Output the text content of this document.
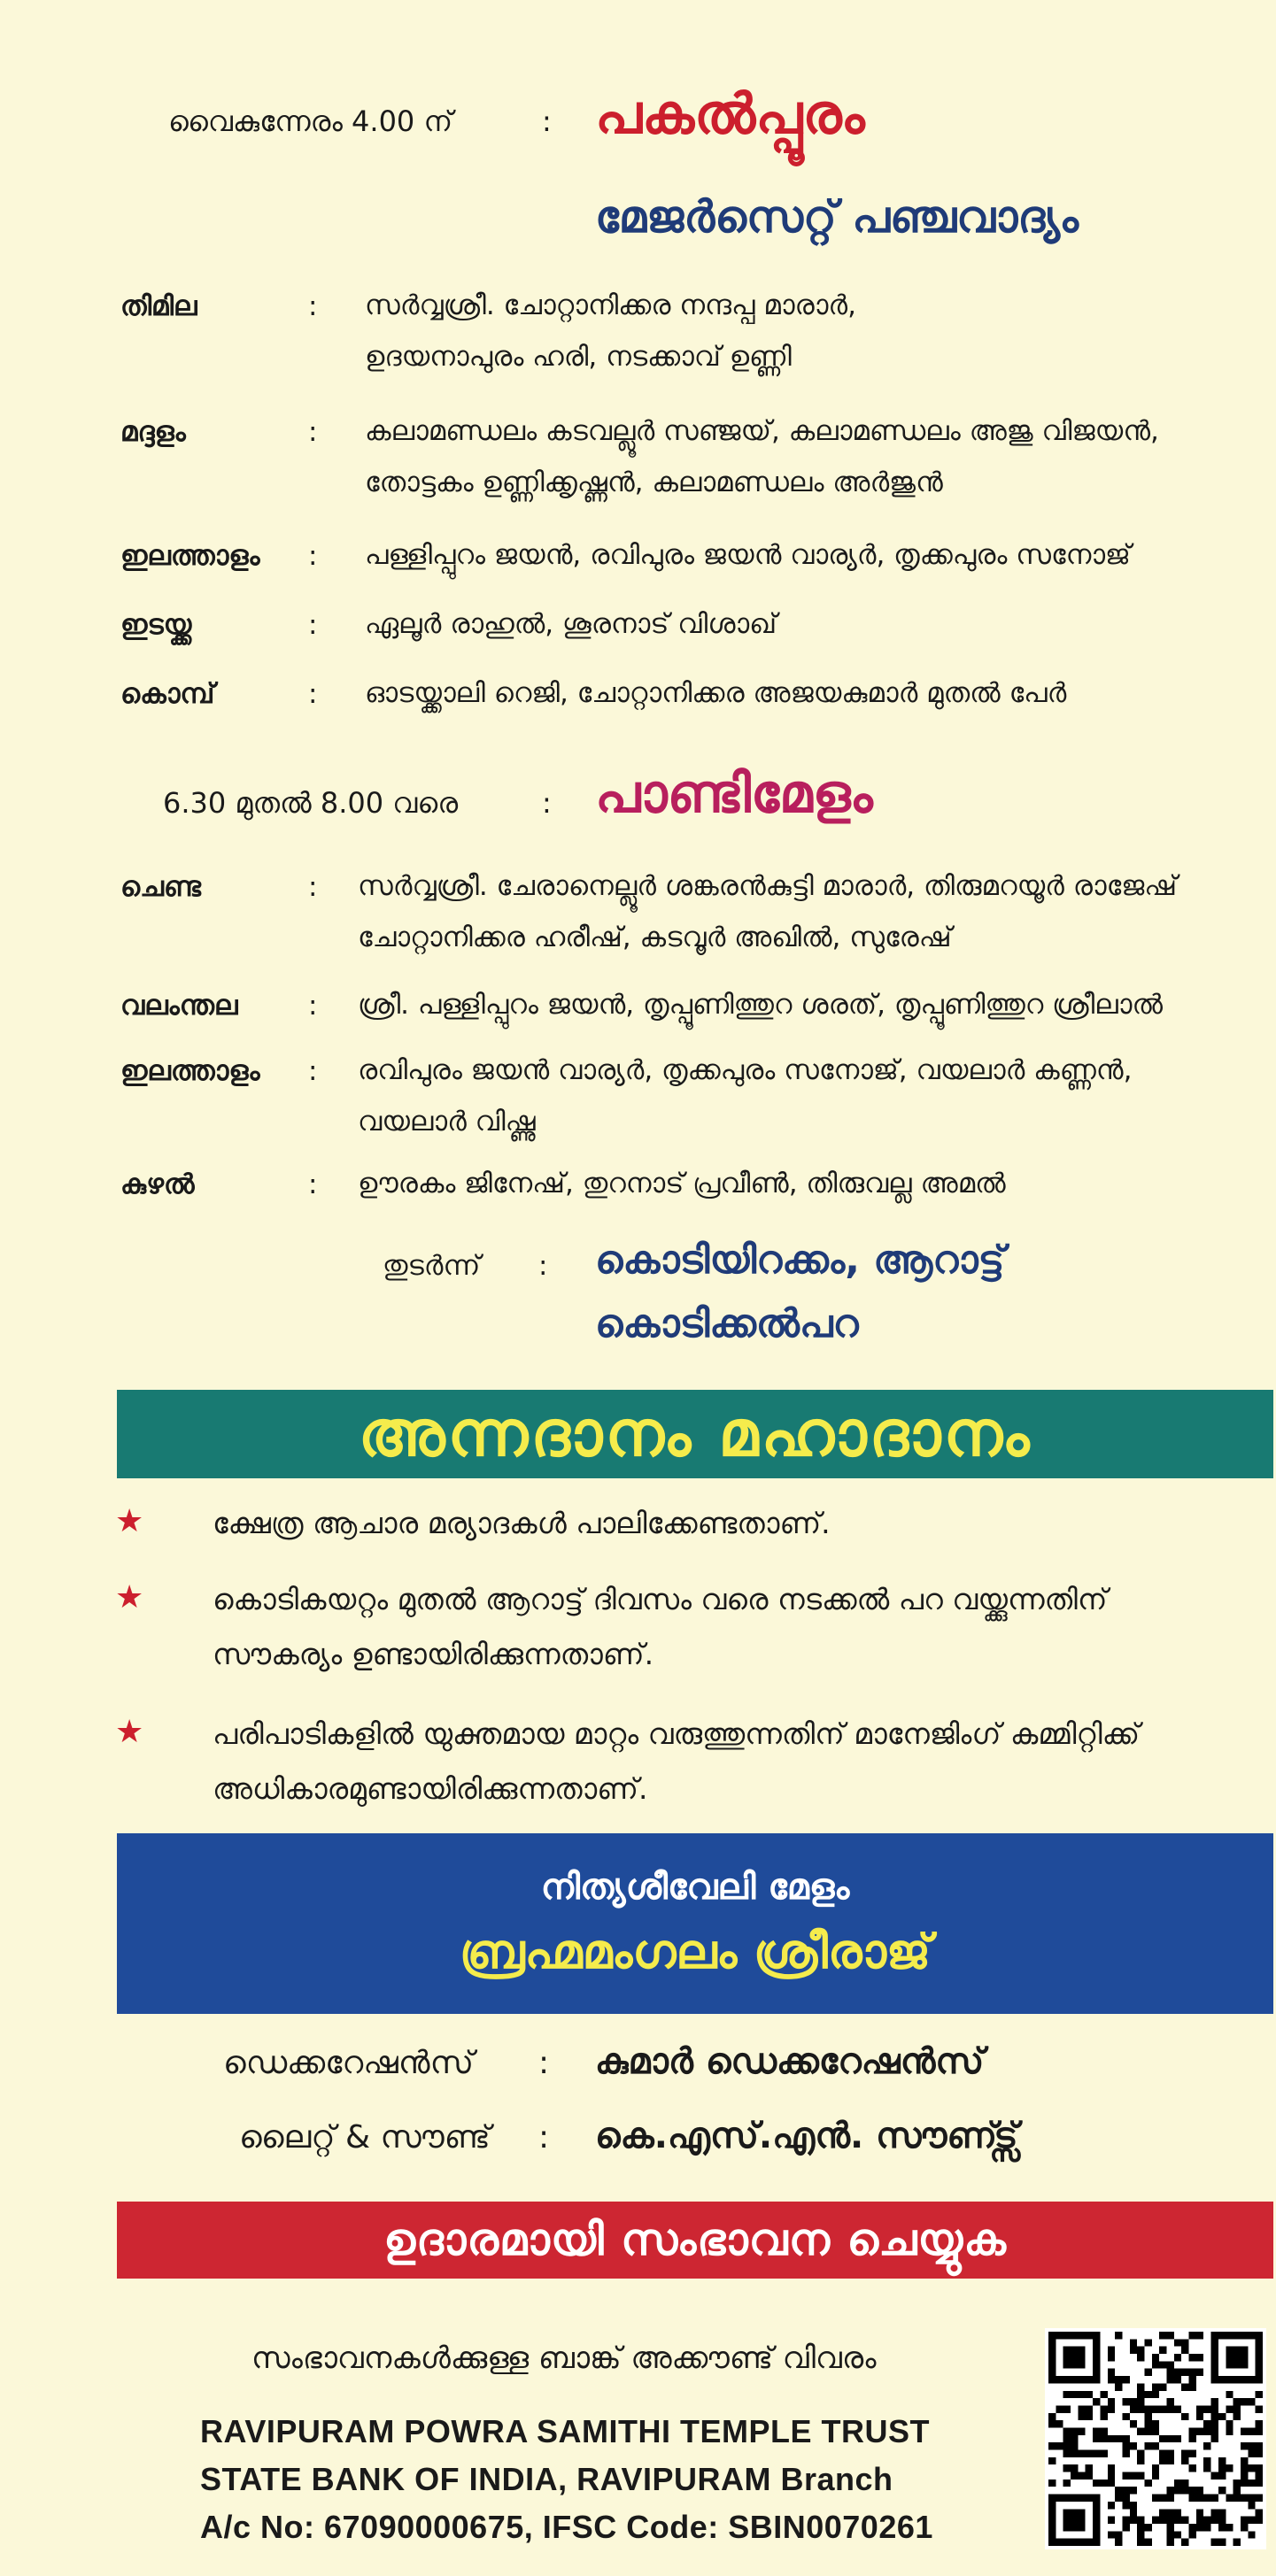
വൈകുന്നേരം 4.00 ന്	: പകൽപ്പൂരം
മേജർസെറ്റ് പഞ്ചവാദ്യം
തിമില	: സർവ്വശ്രീ. ചോറ്റാനിക്കര നന്ദപ്പ മാരാർ,
ഉദയനാപുരം ഹരി, നടക്കാവ് ഉണ്ണി
മദ്ദളം	: കലാമണ്ഡലം കടവല്ലൂർ സഞ്ജയ്, കലാമണ്ഡലം അജു വിജയൻ,
തോട്ടകം ഉണ്ണിക്കൃഷ്ണൻ, കലാമണ്ഡലം അർജുൻ
ഇലത്താളം : പള്ളിപ്പുറം ജയൻ, രവിപുരം ജയൻ വാര്യർ, തൃക്കപുരം സനോജ്
ഇടയ്ക്ക	: ഏലൂർ രാഹുൽ, ശൂരനാട് വിശാഖ്
കൊമ്പ്	: ഓടയ്ക്കാലി റെജി, ചോറ്റാനിക്കര അജയകുമാർ മുതൽ പേർ
6.30 മുതൽ 8.00 വരെ	: പാണ്ടിമേളം
ചെണ്ട	: സർവ്വശ്രീ. ചേരാനെല്ലൂർ ശങ്കരൻകുട്ടി മാരാർ, തിരുമറയൂർ രാജേഷ്
ചോറ്റാനിക്കര ഹരീഷ്, കടവൂർ അഖിൽ, സുരേഷ്
വലംന്തല	: ശ്രീ. പള്ളിപ്പുറം ജയൻ, തൃപ്പൂണിത്തുറ ശരത്, തൃപ്പൂണിത്തുറ ശ്രീലാൽ
ഇലത്താളം : രവിപുരം ജയൻ വാര്യർ, തൃക്കപുരം സനോജ്, വയലാർ കണ്ണൻ,
വയലാർ വിഷ്ണു
കുഴൽ	: ഊരകം ജിനേഷ്, തുറനാട് പ്രവീൺ, തിരുവല്ല അമൽ
തുടർന്ന് : കൊടിയിറക്കം, ആറാട്ട്
കൊടിക്കൽപറ
അന്നദാനം മഹാദാനം
★ ക്ഷേത്ര ആചാര മര്യാദകൾ പാലിക്കേണ്ടതാണ്.
★ കൊടികയറ്റം മുതൽ ആറാട്ട് ദിവസം വരെ നടക്കൽ പറ വയ്ക്കുന്നതിന്
സൗകര്യം ഉണ്ടായിരിക്കുന്നതാണ്.
★ പരിപാടികളിൽ യുക്തമായ മാറ്റം വരുത്തുന്നതിന് മാനേജിംഗ് കമ്മിറ്റിക്ക്
അധികാരമുണ്ടായിരിക്കുന്നതാണ്.
നിത്യശീവേലി മേളം
ബ്രഹ്മമംഗലം ശ്രീരാജ്
ഡെക്കറേഷൻസ് : കുമാർ ഡെക്കറേഷൻസ്
ലൈറ്റ് & സൗണ്ട് : കെ.എസ്.എൻ. സൗണ്ട്സ്
ഉദാരമായി സംഭാവന ചെയ്യുക
സംഭാവനകൾക്കുള്ള ബാങ്ക് അക്കൗണ്ട് വിവരം
RAVIPURAM POWRA SAMITHI TEMPLE TRUST
STATE BANK OF INDIA, RAVIPURAM Branch
A/c No: 67090000675, IFSC Code: SBIN0070261
